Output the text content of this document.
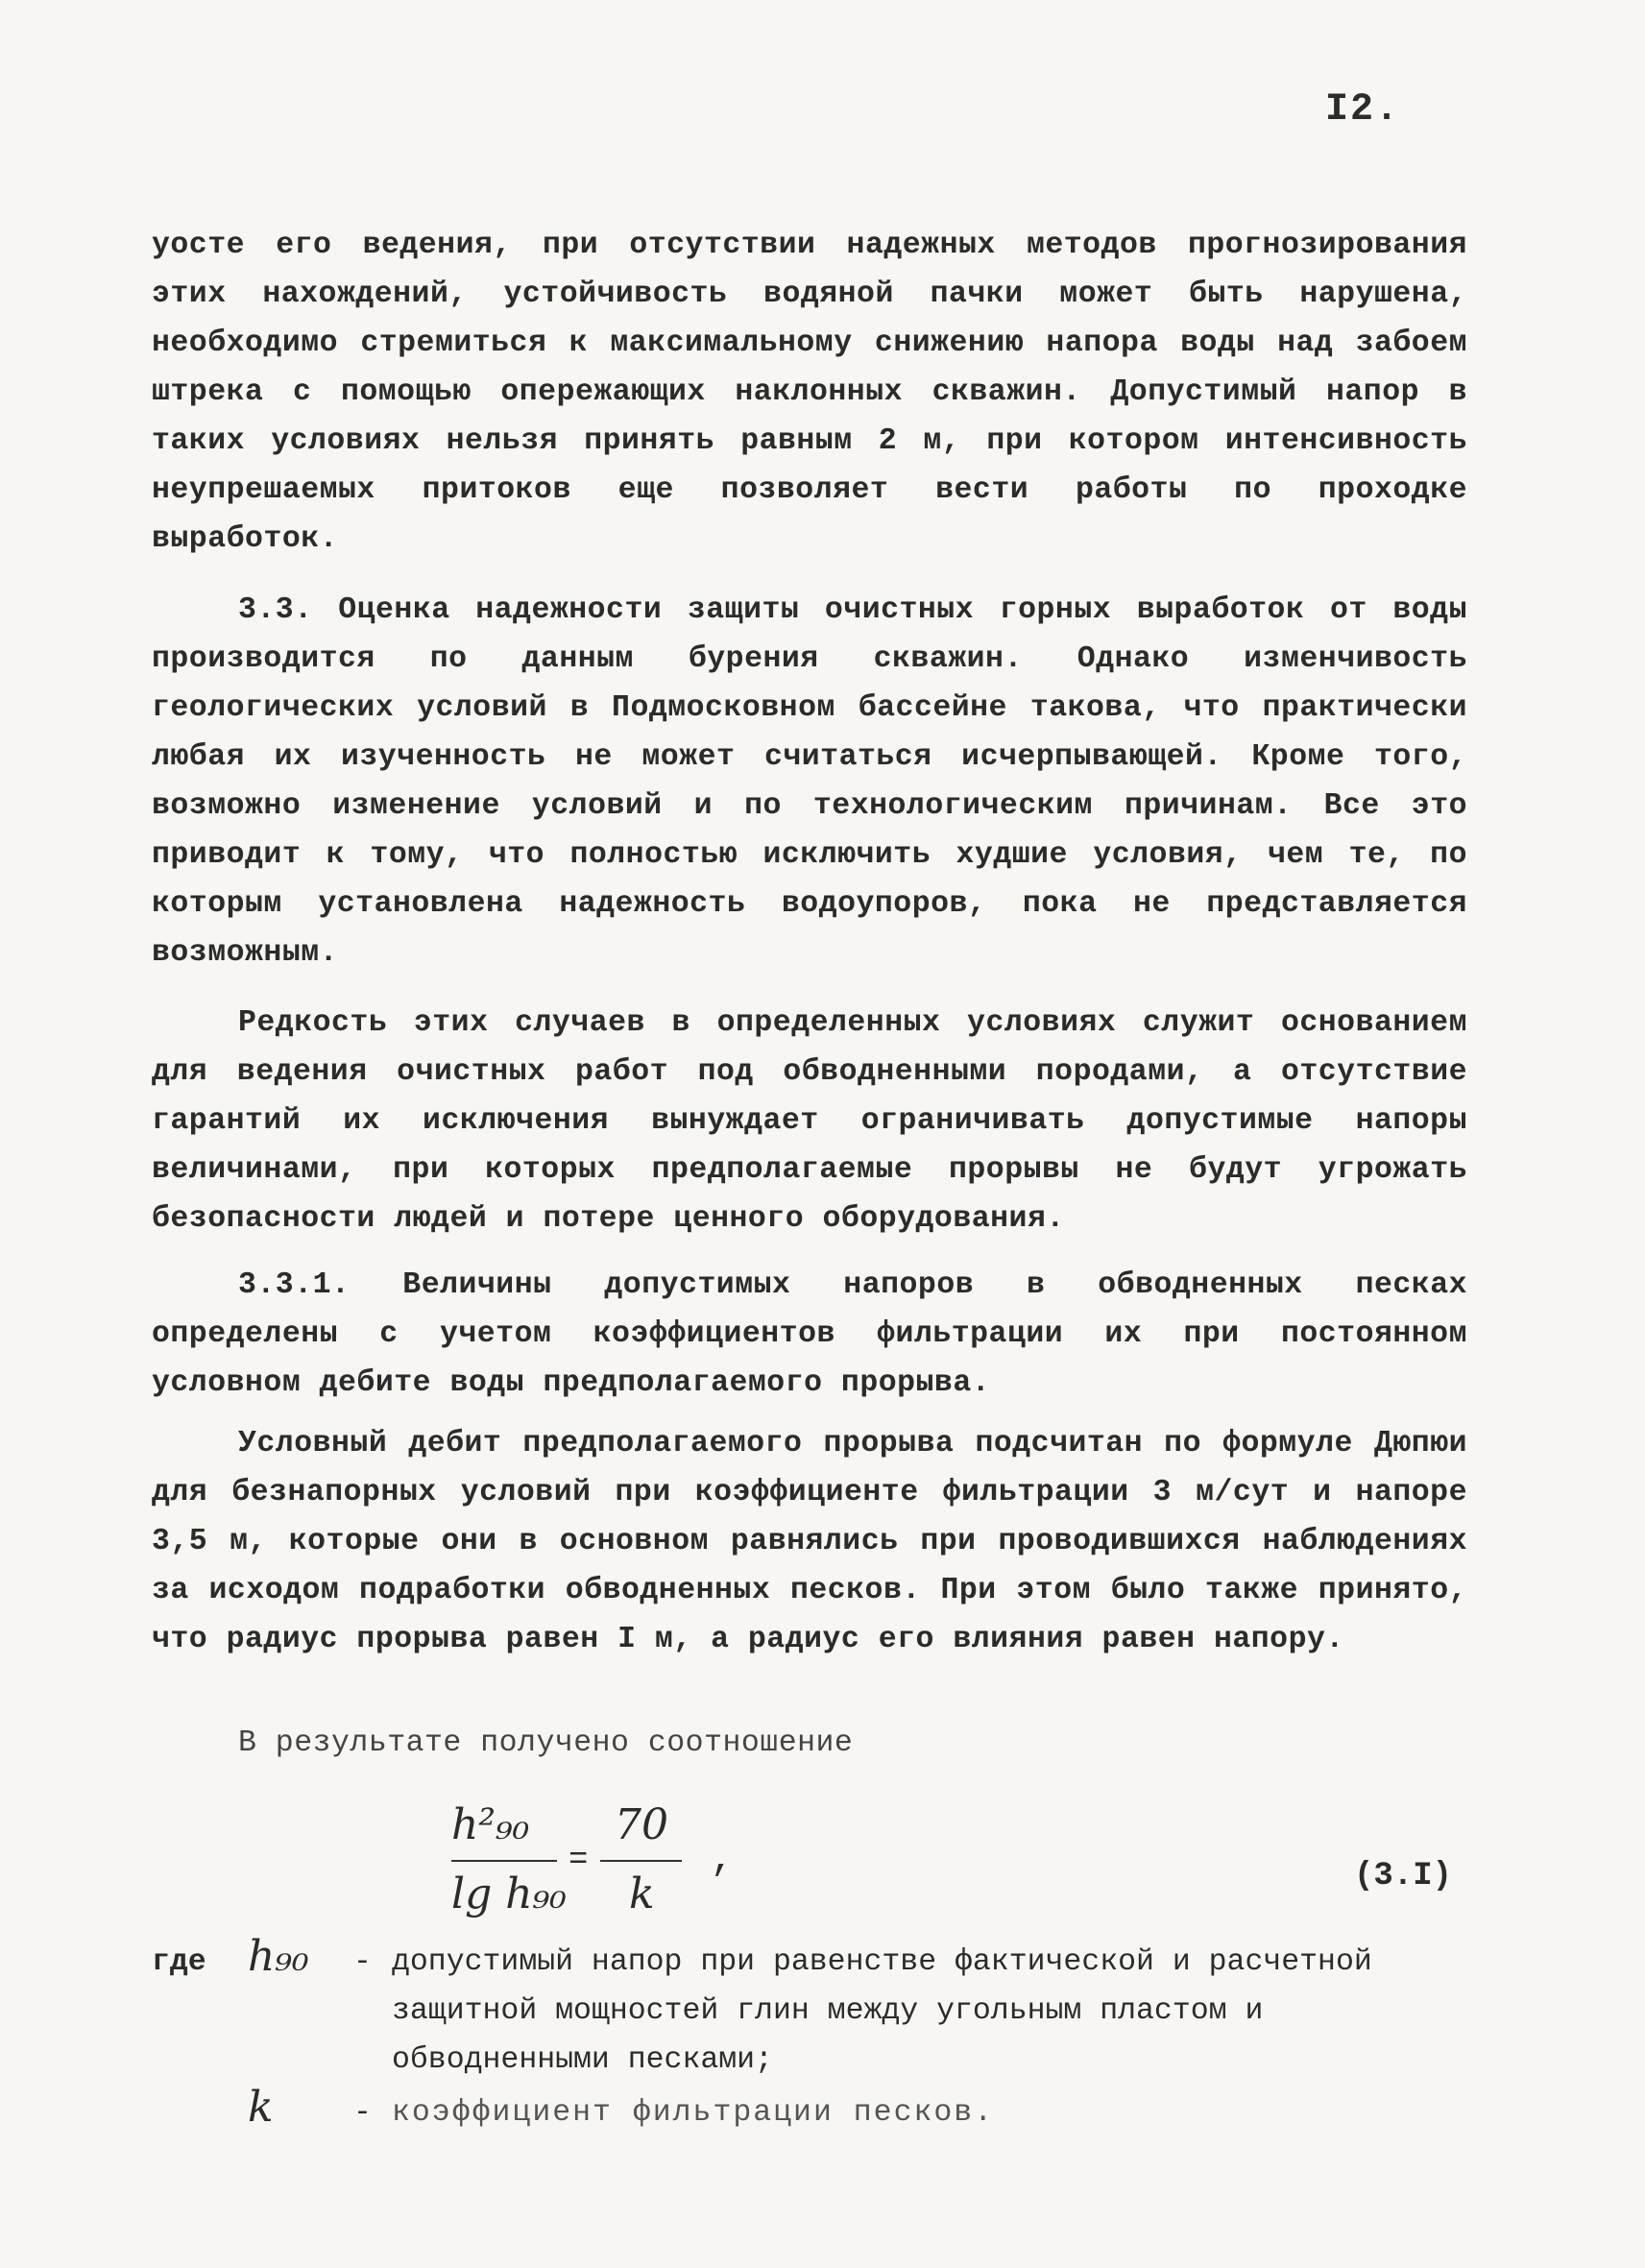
I2.

уосте его ведения, при отсутствии надежных методов прогнозирования этих нахождений, устойчивость водяной пачки может быть нарушена, необходимо стремиться к максимальному снижению напора воды над забоем штрека с помощью опережающих наклонных скважин. Допустимый напор в таких условиях нельзя принять равным 2 м, при котором интенсивность неупрешаемых притоков еще позволяет вести работы по проходке выработок.

3.3. Оценка надежности защиты очистных горных выработок от воды производится по данным бурения скважин. Однако изменчивость геологических условий в Подмосковном бассейне такова, что практически любая их изученность не может считаться исчерпывающей. Кроме того, возможно изменение условий и по технологическим причинам. Все это приводит к тому, что полностью исключить худшие условия, чем те, по которым установлена надежность водоупоров, пока не представляется возможным.

Редкость этих случаев в определенных условиях служит основанием для ведения очистных работ под обводненными породами, а отсутствие гарантий их исключения вынуждает ограничивать допустимые напоры величинами, при которых предполагаемые прорывы не будут угрожать безопасности людей и потере ценного оборудования.

3.3.1. Величины допустимых напоров в обводненных песках определены с учетом коэффициентов фильтрации их при постоянном условном дебите воды предполагаемого прорыва.

Условный дебит предполагаемого прорыва подсчитан по формуле Дюпюи для безнапорных условий при коэффициенте фильтрации 3 м/сут и напоре 3,5 м, которые они в основном равнялись при проводившихся наблюдениях за исходом подработки обводненных песков. При этом было также принято, что радиус прорыва равен I м, а радиус его влияния равен напору.

В результате получено соотношение

h²₉₀
lg h₉₀
=
70
k
,	(3.I)
где h₉₀ - допустимый напор при равенстве фактической и расчетной защитной мощностей глин между угольным пластом и обводненными песками;
k	- коэффициент фильтрации песков.
